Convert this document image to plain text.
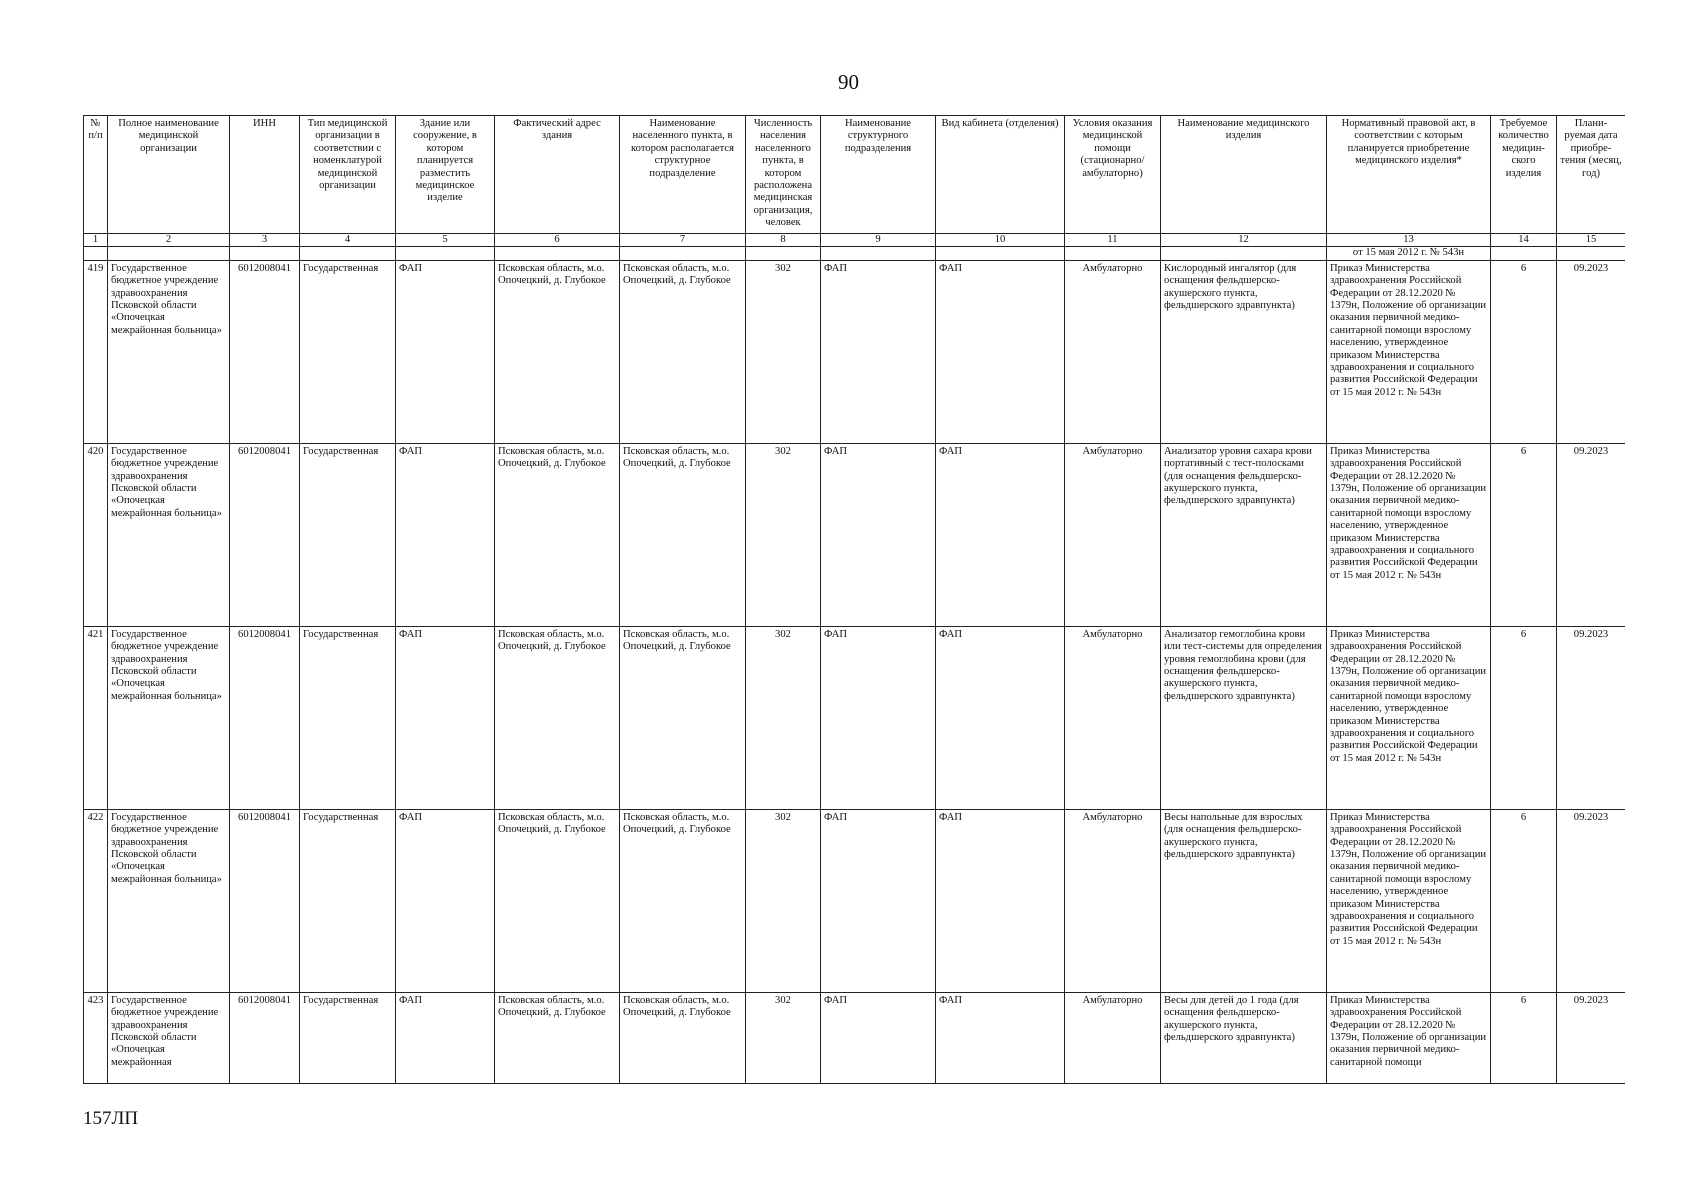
90
№ п/п	Полное наименование медицинской организации	ИНН	Тип медицинской организации в соответствии с номенклатурой медицинской организации	Здание или сооружение, в котором планируется разместить медицинское изделие	Фактический адрес здания	Наименование населенного пункта, в котором располагается структурное подразделение	Численность населения населенного пункта, в котором расположена медицинская организация, человек	Наименование структурного подразделения	Вид кабинета (отделения)	Условия оказания медицинской помощи (стационарно/ амбулаторно)	Наименование медицинского изделия	Нормативный правовой акт, в соответствии с которым планируется приобретение медицинского изделия*	Требуемое количество медицин-ского изделия	Плани-руемая дата приобре-тения (месяц, год)
1	2	3	4	5	6	7	8	9	10	11	12	13	14	15
												от 15 мая 2012 г. № 543н		
419	Государственное бюджетное учреждение здравоохранения Псковской области «Опочецкая межрайонная больница»	6012008041	Государственная	ФАП	Псковская область, м.о. Опочецкий, д. Глубокое	Псковская область, м.о. Опочецкий, д. Глубокое	302	ФАП	ФАП	Амбулаторно	Кислородный ингалятор (для оснащения фельдшерско-акушерского пункта, фельдшерского здравпункта)	Приказ Министерства здравоохранения Российской Федерации от 28.12.2020 № 1379н, Положение об организации оказания первичной медико-санитарной помощи взрослому населению, утвержденное приказом Министерства здравоохранения и социального развития Российской Федерации от 15 мая 2012 г. № 543н	6	09.2023
420	Государственное бюджетное учреждение здравоохранения Псковской области «Опочецкая межрайонная больница»	6012008041	Государственная	ФАП	Псковская область, м.о. Опочецкий, д. Глубокое	Псковская область, м.о. Опочецкий, д. Глубокое	302	ФАП	ФАП	Амбулаторно	Анализатор уровня сахара крови портативный с тест-полосками (для оснащения фельдшерско-акушерского пункта, фельдшерского здравпункта)	Приказ Министерства здравоохранения Российской Федерации от 28.12.2020 № 1379н, Положение об организации оказания первичной медико-санитарной помощи взрослому населению, утвержденное приказом Министерства здравоохранения и социального развития Российской Федерации от 15 мая 2012 г. № 543н	6	09.2023
421	Государственное бюджетное учреждение здравоохранения Псковской области «Опочецкая межрайонная больница»	6012008041	Государственная	ФАП	Псковская область, м.о. Опочецкий, д. Глубокое	Псковская область, м.о. Опочецкий, д. Глубокое	302	ФАП	ФАП	Амбулаторно	Анализатор гемоглобина крови или тест-системы для определения уровня гемоглобина крови (для оснащения фельдшерско-акушерского пункта, фельдшерского здравпункта)	Приказ Министерства здравоохранения Российской Федерации от 28.12.2020 № 1379н, Положение об организации оказания первичной медико-санитарной помощи взрослому населению, утвержденное приказом Министерства здравоохранения и социального развития Российской Федерации от 15 мая 2012 г. № 543н	6	09.2023
422	Государственное бюджетное учреждение здравоохранения Псковской области «Опочецкая межрайонная больница»	6012008041	Государственная	ФАП	Псковская область, м.о. Опочецкий, д. Глубокое	Псковская область, м.о. Опочецкий, д. Глубокое	302	ФАП	ФАП	Амбулаторно	Весы напольные для взрослых (для оснащения фельдшерско-акушерского пункта, фельдшерского здравпункта)	Приказ Министерства здравоохранения Российской Федерации от 28.12.2020 № 1379н, Положение об организации оказания первичной медико-санитарной помощи взрослому населению, утвержденное приказом Министерства здравоохранения и социального развития Российской Федерации от 15 мая 2012 г. № 543н	6	09.2023
423	Государственное бюджетное учреждение здравоохранения Псковской области «Опочецкая межрайонная	6012008041	Государственная	ФАП	Псковская область, м.о. Опочецкий, д. Глубокое	Псковская область, м.о. Опочецкий, д. Глубокое	302	ФАП	ФАП	Амбулаторно	Весы для детей до 1 года (для оснащения фельдшерско-акушерского пункта, фельдшерского здравпункта)	Приказ Министерства здравоохранения Российской Федерации от 28.12.2020 № 1379н, Положение об организации оказания первичной медико-санитарной помощи	6	09.2023
157ЛП
